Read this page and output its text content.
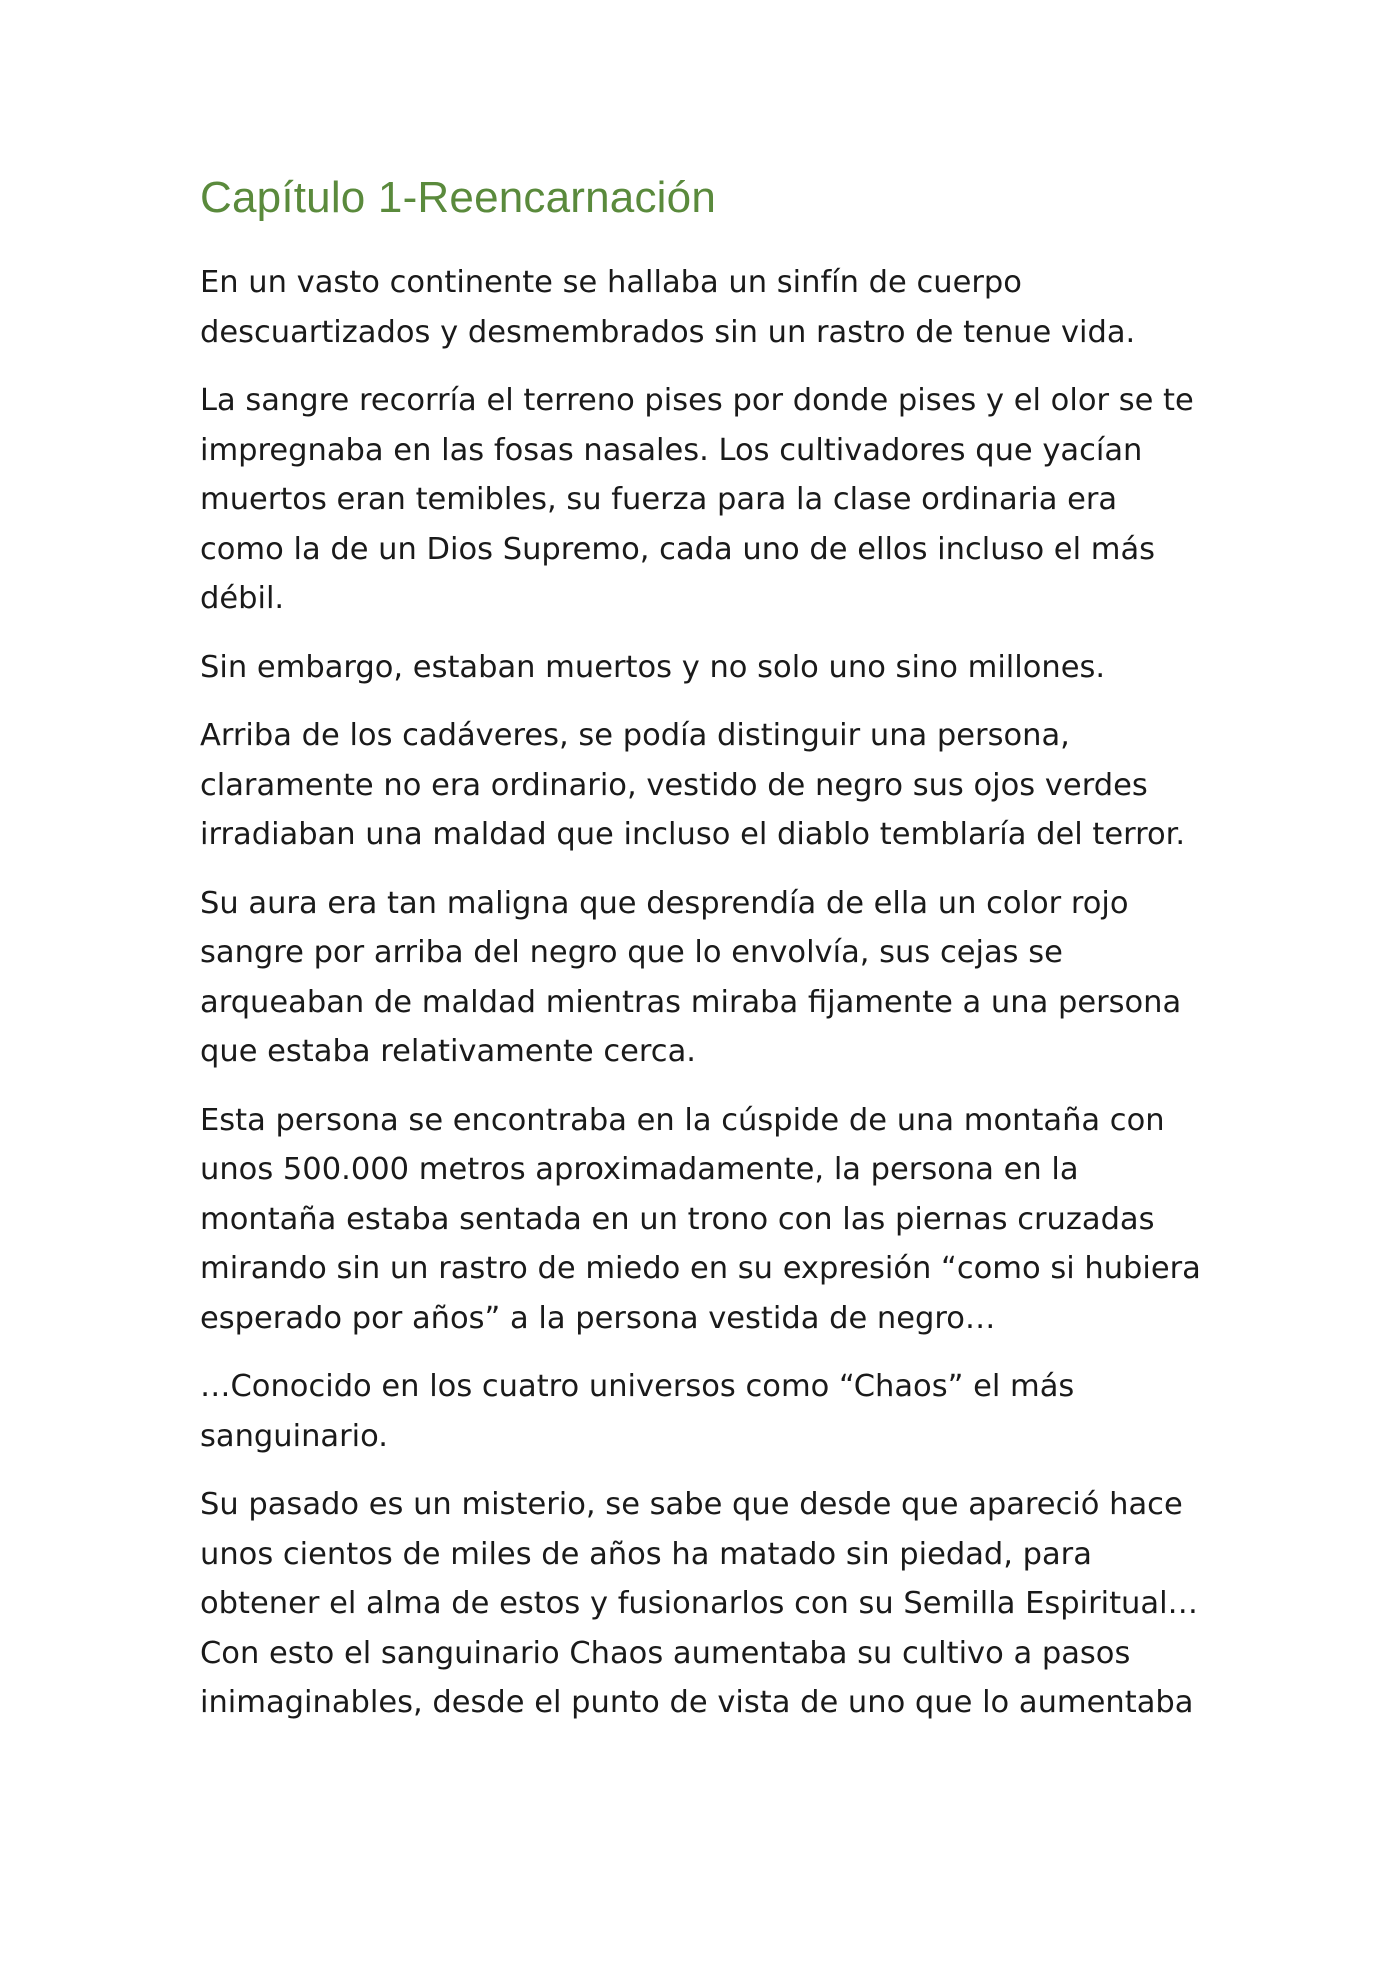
Capítulo 1-Reencarnación

En un vasto continente se hallaba un sinfín de cuerpo
descuartizados y desmembrados sin un rastro de tenue vida.

La sangre recorría el terreno pises por donde pises y el olor se te
impregnaba en las fosas nasales. Los cultivadores que yacían
muertos eran temibles, su fuerza para la clase ordinaria era
como la de un Dios Supremo, cada uno de ellos incluso el más
débil.

Sin embargo, estaban muertos y no solo uno sino millones.

Arriba de los cadáveres, se podía distinguir una persona,
claramente no era ordinario, vestido de negro sus ojos verdes
irradiaban una maldad que incluso el diablo temblaría del terror.

Su aura era tan maligna que desprendía de ella un color rojo
sangre por arriba del negro que lo envolvía, sus cejas se
arqueaban de maldad mientras miraba fijamente a una persona
que estaba relativamente cerca.

Esta persona se encontraba en la cúspide de una montaña con
unos 500.000 metros aproximadamente, la persona en la
montaña estaba sentada en un trono con las piernas cruzadas
mirando sin un rastro de miedo en su expresión “como si hubiera
esperado por años” a la persona vestida de negro…

…Conocido en los cuatro universos como “Chaos” el más
sanguinario.

Su pasado es un misterio, se sabe que desde que apareció hace
unos cientos de miles de años ha matado sin piedad, para
obtener el alma de estos y fusionarlos con su Semilla Espiritual…
Con esto el sanguinario Chaos aumentaba su cultivo a pasos
inimaginables, desde el punto de vista de uno que lo aumentaba
